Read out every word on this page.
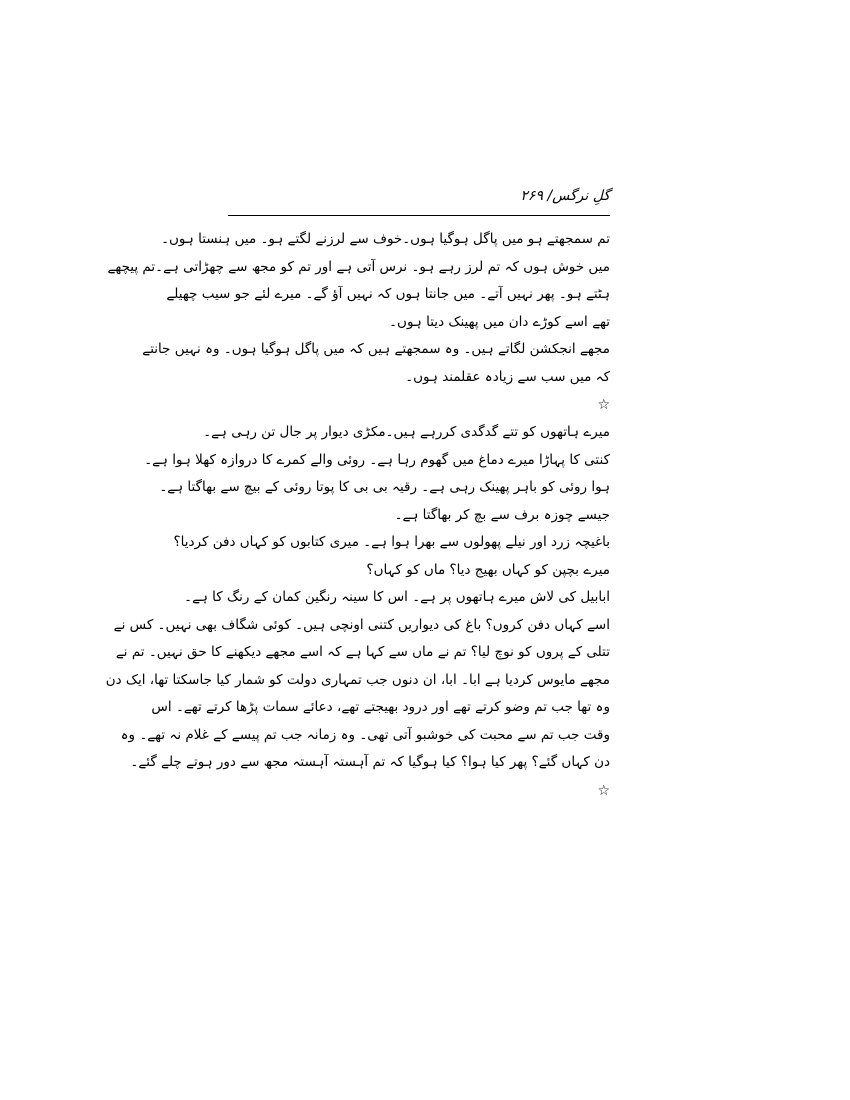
گلِ نرگس/ ۲۶۹
تم سمجھتے ہو میں پاگل ہوگیا ہوں۔خوف سے لرزنے لگتے ہو۔ میں ہنستا ہوں۔
میں خوش ہوں کہ تم لرز رہے ہو۔ نرس آتی ہے اور تم کو مجھ سے چھڑاتی ہے۔تم پیچھے
ہٹتے ہو۔ پھر نہیں آتے۔ میں جانتا ہوں کہ نہیں آؤ گے۔ میرے لئے جو سیب چھیلے
تھے اسے کوڑے دان میں پھینک دیتا ہوں۔
مجھے انجکشن لگاتے ہیں۔ وہ سمجھتے ہیں کہ میں پاگل ہوگیا ہوں۔ وہ نہیں جانتے
کہ میں سب سے زیادہ عقلمند ہوں۔
☆
میرے ہاتھوں کو تتے گدگدی کررہے ہیں۔مکڑی دیوار پر جال تن رہی ہے۔
کنتی کا پہاڑا میرے دماغ میں گھوم رہا ہے۔ روئی والے کمرے کا دروازہ کھلا ہوا ہے۔
ہوا روئی کو باہر پھینک رہی ہے۔ رقیہ بی بی کا پوتا روئی کے بیچ سے بھاگتا ہے۔
جیسے چوزہ برف سے بچ کر بھاگتا ہے۔
باغیچہ زرد اور نیلے پھولوں سے بھرا ہوا ہے۔ میری کتابوں کو کہاں دفن کردیا؟
میرے بچپن کو کہاں بھیج دیا؟ ماں کو کہاں؟
ابابیل کی لاش میرے ہاتھوں پر ہے۔ اس کا سینہ رنگین کمان کے رنگ کا ہے۔
اسے کہاں دفن کروں؟ باغ کی دیواریں کتنی اونچی ہیں۔ کوئی شگاف بھی نہیں۔ کس نے
تتلی کے پروں کو نوچ لیا؟ تم نے ماں سے کہا ہے کہ اسے مجھے دیکھنے کا حق نہیں۔ تم نے
مجھے مایوس کردیا ہے ابا۔ ابا، ان دنوں جب تمہاری دولت کو شمار کیا جاسکتا تھا، ایک دن
وہ تھا جب تم وضو کرتے تھے اور درود بھیجتے تھے، دعائے سمات پڑھا کرتے تھے۔ اس
وقت جب تم سے محبت کی خوشبو آتی تھی۔ وہ زمانہ جب تم پیسے کے غلام نہ تھے۔ وہ
دن کہاں گئے؟ پھر کیا ہوا؟ کیا ہوگیا کہ تم آہستہ آہستہ مجھ سے دور ہوتے چلے گئے۔
☆
